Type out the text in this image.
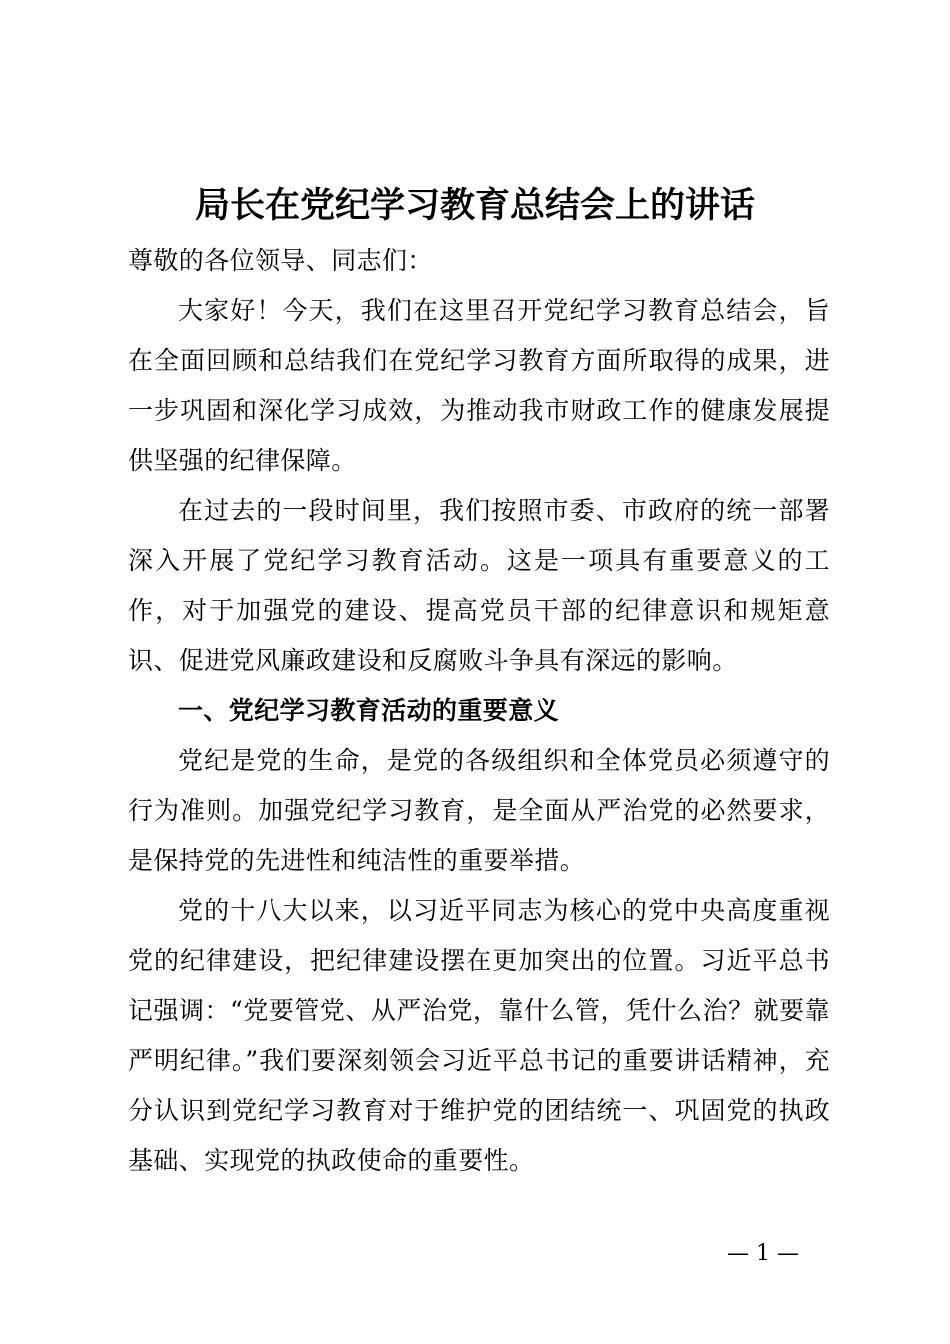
局长在党纪学习教育总结会上的讲话

尊敬的各位领导、同志们：

大家好！今天，我们在这里召开党纪学习教育总结会，旨在全面回顾和总结我们在党纪学习教育方面所取得的成果，进一步巩固和深化学习成效，为推动我市财政工作的健康发展提供坚强的纪律保障。

在过去的一段时间里，我们按照市委、市政府的统一部署深入开展了党纪学习教育活动。这是一项具有重要意义的工作，对于加强党的建设、提高党员干部的纪律意识和规矩意识、促进党风廉政建设和反腐败斗争具有深远的影响。

一、党纪学习教育活动的重要意义

党纪是党的生命，是党的各级组织和全体党员必须遵守的行为准则。加强党纪学习教育，是全面从严治党的必然要求，是保持党的先进性和纯洁性的重要举措。

党的十八大以来，以习近平同志为核心的党中央高度重视党的纪律建设，把纪律建设摆在更加突出的位置。习近平总书记强调：“党要管党、从严治党，靠什么管，凭什么治？就要靠严明纪律。”我们要深刻领会习近平总书记的重要讲话精神，充分认识到党纪学习教育对于维护党的团结统一、巩固党的执政基础、实现党的执政使命的重要性。

— 1 —
